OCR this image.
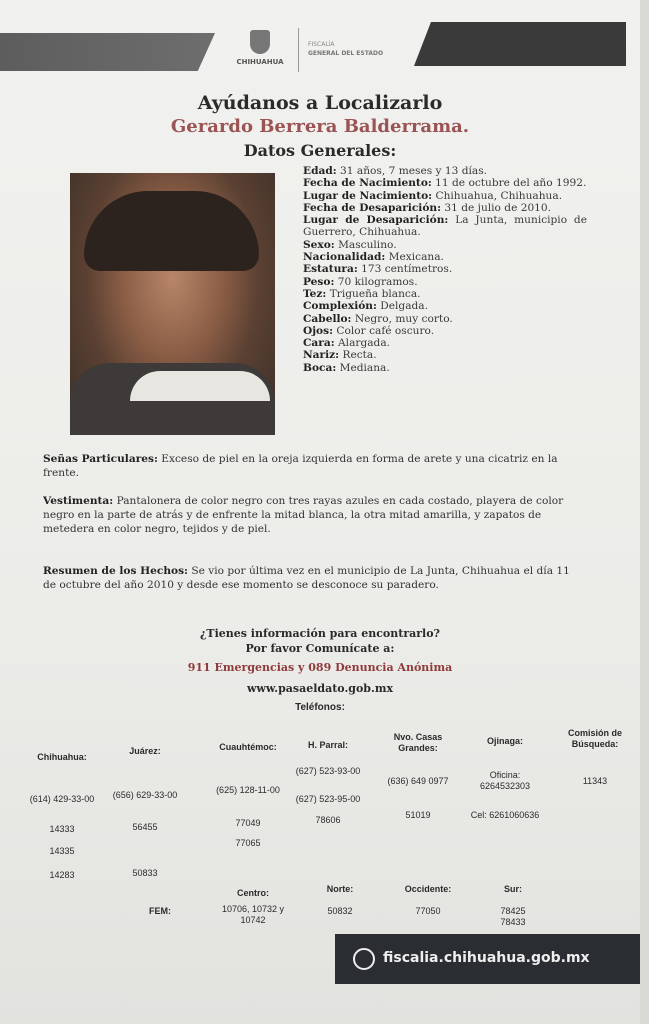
CHIHUAHUA
FISCALÍA
GENERAL DEL ESTADO
Ayúdanos a Localizarlo
Gerardo Berrera Balderrama.
Datos Generales:
Edad: 31 años, 7 meses y 13 días.
Fecha de Nacimiento: 11 de octubre del año 1992.
Lugar de Nacimiento: Chihuahua, Chihuahua.
Fecha de Desaparición: 31 de julio de 2010.
Lugar de Desaparición: La Junta, municipio de Guerrero, Chihuahua.
Sexo: Masculino.
Nacionalidad: Mexicana.
Estatura: 173 centímetros.
Peso: 70 kilogramos.
Tez: Trigueña blanca.
Complexión: Delgada.
Cabello: Negro, muy corto.
Ojos: Color café oscuro.
Cara: Alargada.
Nariz: Recta.
Boca: Mediana.
Señas Particulares: Exceso de piel en la oreja izquierda en forma de arete y una cicatriz en la frente.
Vestimenta: Pantalonera de color negro con tres rayas azules en cada costado, playera de color negro en la parte de atrás y de enfrente la mitad blanca, la otra mitad amarilla, y zapatos de metedera en color negro, tejidos y de piel.
Resumen de los Hechos: Se vio por última vez en el municipio de La Junta, Chihuahua el día 11 de octubre del año 2010 y desde ese momento se desconoce su paradero.
¿Tienes información para encontrarlo?
Por favor Comunícate a:
911 Emergencias y 089 Denuncia Anónima
www.pasaeldato.gob.mx
Teléfonos:
Chihuahua:
(614) 429-33-00
14333
14335
14283
Juárez:
(656) 629-33-00
56455
50833
Cuauhtémoc:
(625) 128-11-00
77049
77065
H. Parral:
(627) 523-93-00
(627) 523-95-00
78606
Nvo. Casas Grandes:
(636) 649 0977
51019
Ojinaga:
Oficina: 6264532303
Cel: 6261060636
Comisión de Búsqueda:
11343
FEM:
Centro:
10706, 10732 y 10742
Norte:
50832
Occidente:
77050
Sur:
78425 78433
fiscalia.chihuahua.gob.mx
